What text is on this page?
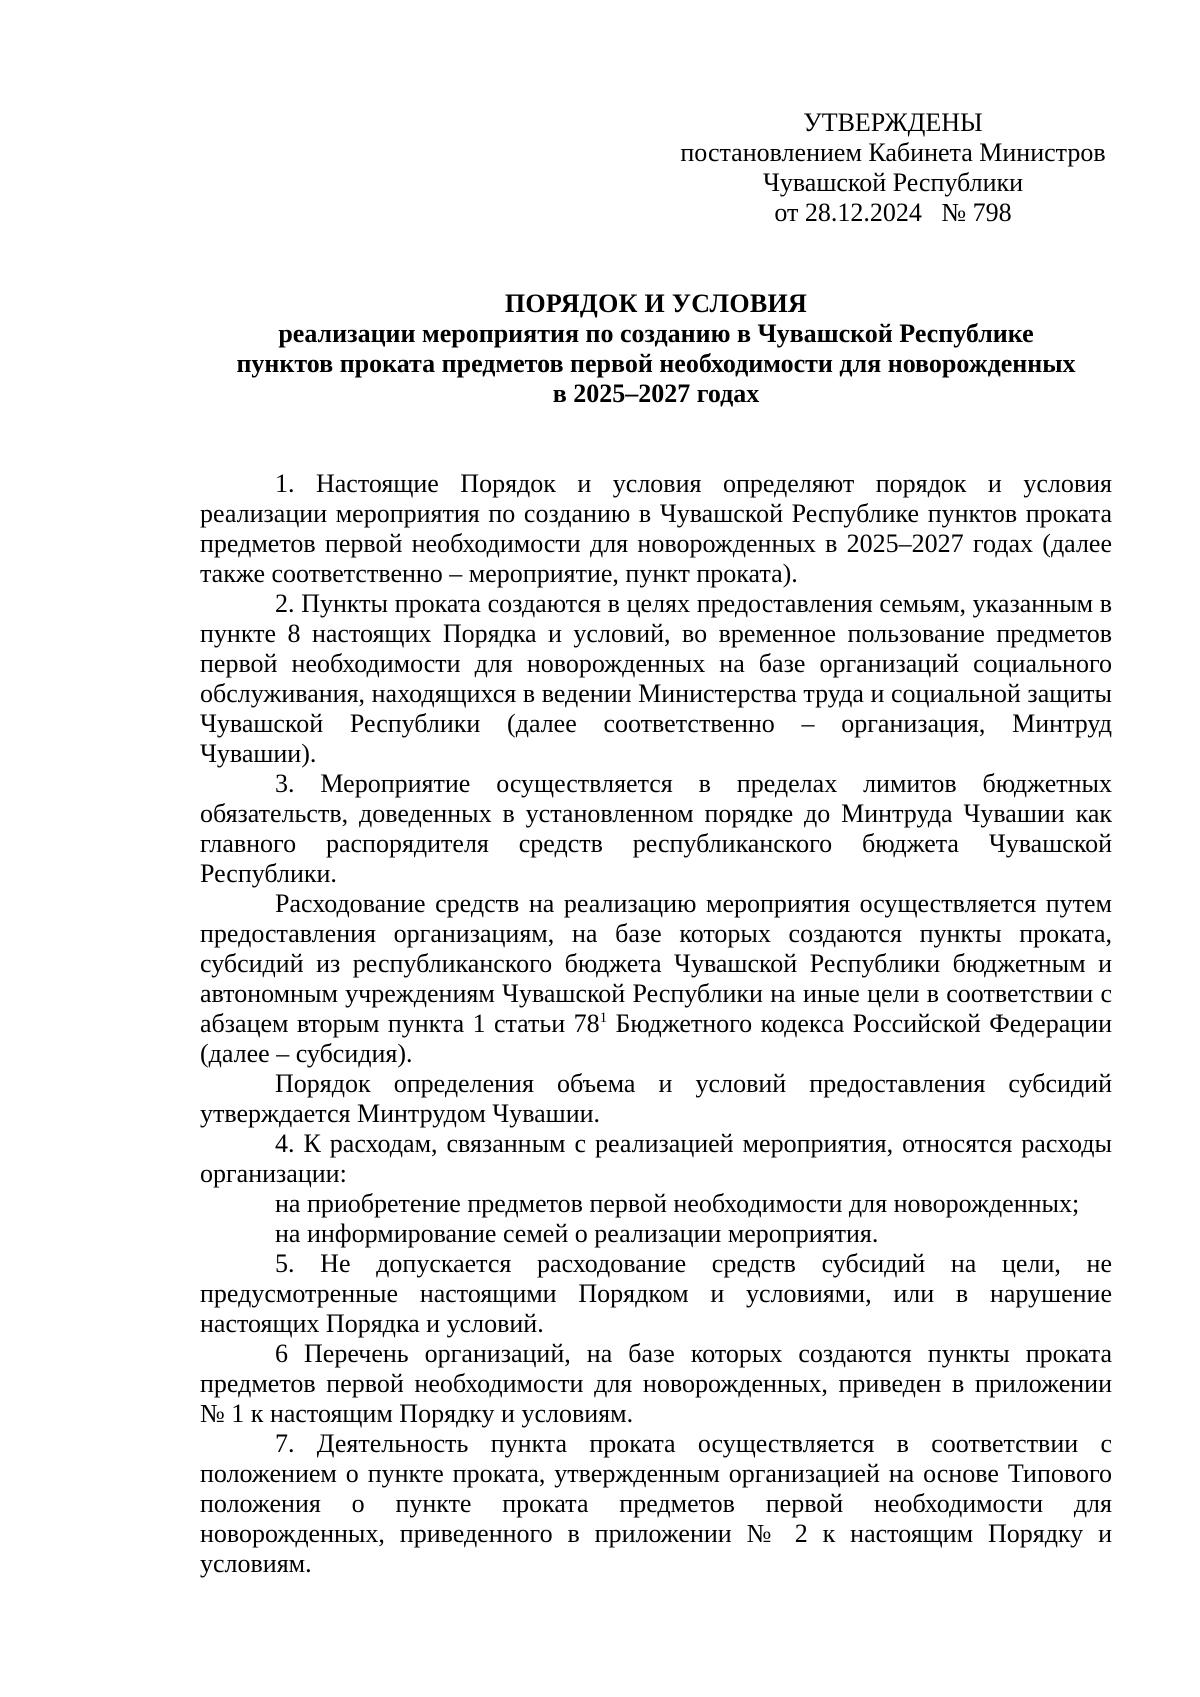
УТВЕРЖДЕНЫ
постановлением Кабинета Министров
Чувашской Республики
от 28.12.2024   № 798
ПОРЯДОК И УСЛОВИЯ
реализации мероприятия по созданию в Чувашской Республике
пунктов проката предметов первой необходимости для новорожденных
в 2025–2027 годах

1. Настоящие Порядок и условия определяют порядок и условия реализации мероприятия по созданию в Чувашской Республике пунктов проката предметов первой необходимости для новорожденных в 2025–2027 годах (далее также соответственно – мероприятие, пункт проката).

2. Пункты проката создаются в целях предоставления семьям, указанным в пункте 8 настоящих Порядка и условий, во временное пользование предметов первой необходимости для новорожденных на базе организаций социального обслуживания, находящихся в ведении Министерства труда и социальной защиты Чувашской Республики (далее соответственно – организация, Минтруд Чувашии).

3. Мероприятие осуществляется в пределах лимитов бюджетных обязательств, доведенных в установленном порядке до Минтруда Чувашии как главного распорядителя средств республиканского бюджета Чувашской Республики.

Расходование средств на реализацию мероприятия осуществляется путем предоставления организациям, на базе которых создаются пункты проката, субсидий из республиканского бюджета Чувашской Республики бюджетным и автономным учреждениям Чувашской Республики на иные цели в соответствии с абзацем вторым пункта 1 статьи $78^1$ Бюджетного кодекса Российской Федерации (далее – субсидия).

Порядок определения объема и условий предоставления субсидий утверждается Минтрудом Чувашии.

4. К расходам, связанным с реализацией мероприятия, относятся расходы организации:

на приобретение предметов первой необходимости для новорожденных;

на информирование семей о реализации мероприятия.

5. Не допускается расходование средств субсидий на цели, не предусмотренные настоящими Порядком и условиями, или в нарушение настоящих Порядка и условий.

6 Перечень организаций, на базе которых создаются пункты проката предметов первой необходимости для новорожденных, приведен в приложении № 1 к настоящим Порядку и условиям.

7. Деятельность пункта проката осуществляется в соответствии с положением о пункте проката, утвержденным организацией на основе Типового положения о пункте проката предметов первой необходимости для новорожденных, приведенного в приложении № 2 к настоящим Порядку и условиям.
